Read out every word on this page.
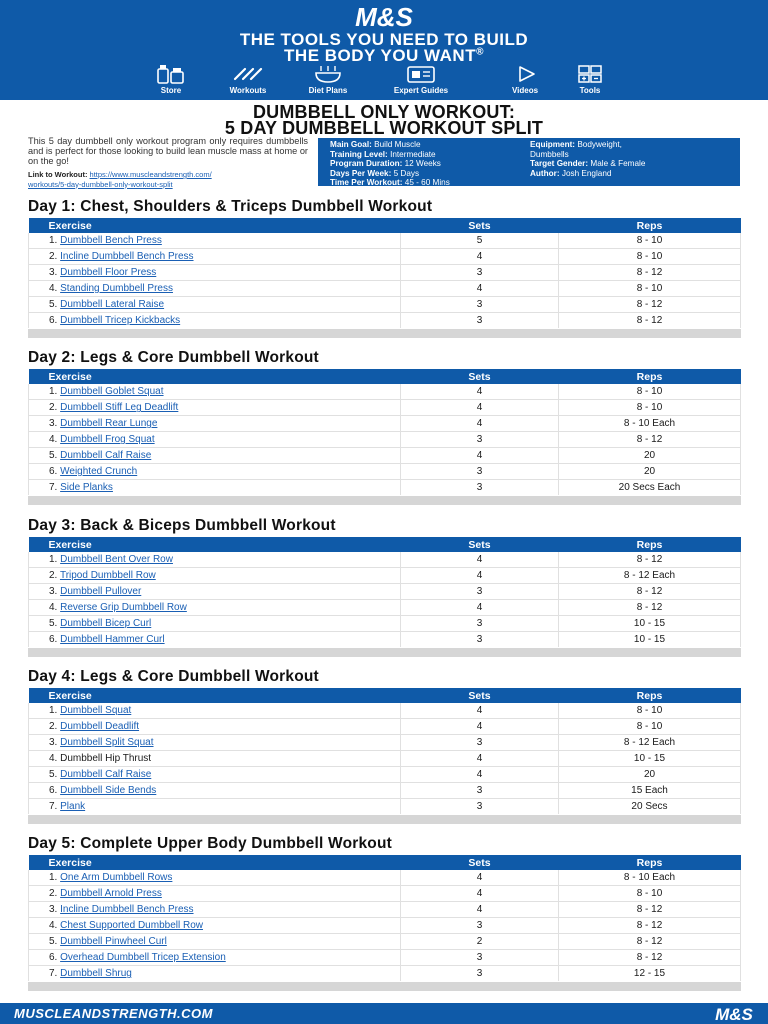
M&S
THE TOOLS YOU NEED TO BUILD
THE BODY YOU WANT®
Store	Workouts	Diet Plans	Expert Guides	Videos	Tools
DUMBBELL ONLY WORKOUT:
5 DAY DUMBBELL WORKOUT SPLIT
This 5 day dumbbell only workout program only requires dumbbells and is perfect for those looking to build lean muscle mass at home or on the go!
Link to Workout: https://www.muscleandstrength.com/
workouts/5-day-dumbbell-only-workout-split
Main Goal: Build Muscle
Training Level: Intermediate
Program Duration: 12 Weeks
Days Per Week: 5 Days
Time Per Workout: 45 - 60 Mins
Equipment: Bodyweight,
Dumbbells
Target Gender: Male & Female
Author: Josh England
Day 1: Chest, Shoulders & Triceps Dumbbell Workout
Exercise	Sets	Reps
1. Dumbbell Bench Press	5	8 - 10
2. Incline Dumbbell Bench Press	4	8 - 10
3. Dumbbell Floor Press	3	8 - 12
4. Standing Dumbbell Press	4	8 - 10
5. Dumbbell Lateral Raise	3	8 - 12
6. Dumbbell Tricep Kickbacks	3	8 - 12
Day 2: Legs & Core Dumbbell Workout
Exercise	Sets	Reps
1. Dumbbell Goblet Squat	4	8 - 10
2. Dumbbell Stiff Leg Deadlift	4	8 - 10
3. Dumbbell Rear Lunge	4	8 - 10 Each
4. Dumbbell Frog Squat	3	8 - 12
5. Dumbbell Calf Raise	4	20
6. Weighted Crunch	3	20
7. Side Planks	3	20 Secs Each
Day 3: Back & Biceps Dumbbell Workout
Exercise	Sets	Reps
1. Dumbbell Bent Over Row	4	8 - 12
2. Tripod Dumbbell Row	4	8 - 12 Each
3. Dumbbell Pullover	3	8 - 12
4. Reverse Grip Dumbbell Row	4	8 - 12
5. Dumbbell Bicep Curl	3	10 - 15
6. Dumbbell Hammer Curl	3	10 - 15
Day 4: Legs & Core Dumbbell Workout
Exercise	Sets	Reps
1. Dumbbell Squat	4	8 - 10
2. Dumbbell Deadlift	4	8 - 10
3. Dumbbell Split Squat	3	8 - 12 Each
4. Dumbbell Hip Thrust	4	10 - 15
5. Dumbbell Calf Raise	4	20
6. Dumbbell Side Bends	3	15 Each
7. Plank	3	20 Secs
Day 5: Complete Upper Body Dumbbell Workout
Exercise	Sets	Reps
1. One Arm Dumbbell Rows	4	8 - 10 Each
2. Dumbbell Arnold Press	4	8 - 10
3. Incline Dumbbell Bench Press	4	8 - 12
4. Chest Supported Dumbbell Row	3	8 - 12
5. Dumbbell Pinwheel Curl	2	8 - 12
6. Overhead Dumbbell Tricep Extension	3	8 - 12
7. Dumbbell Shrug	3	12 - 15
MUSCLEANDSTRENGTH.COM	M&S
